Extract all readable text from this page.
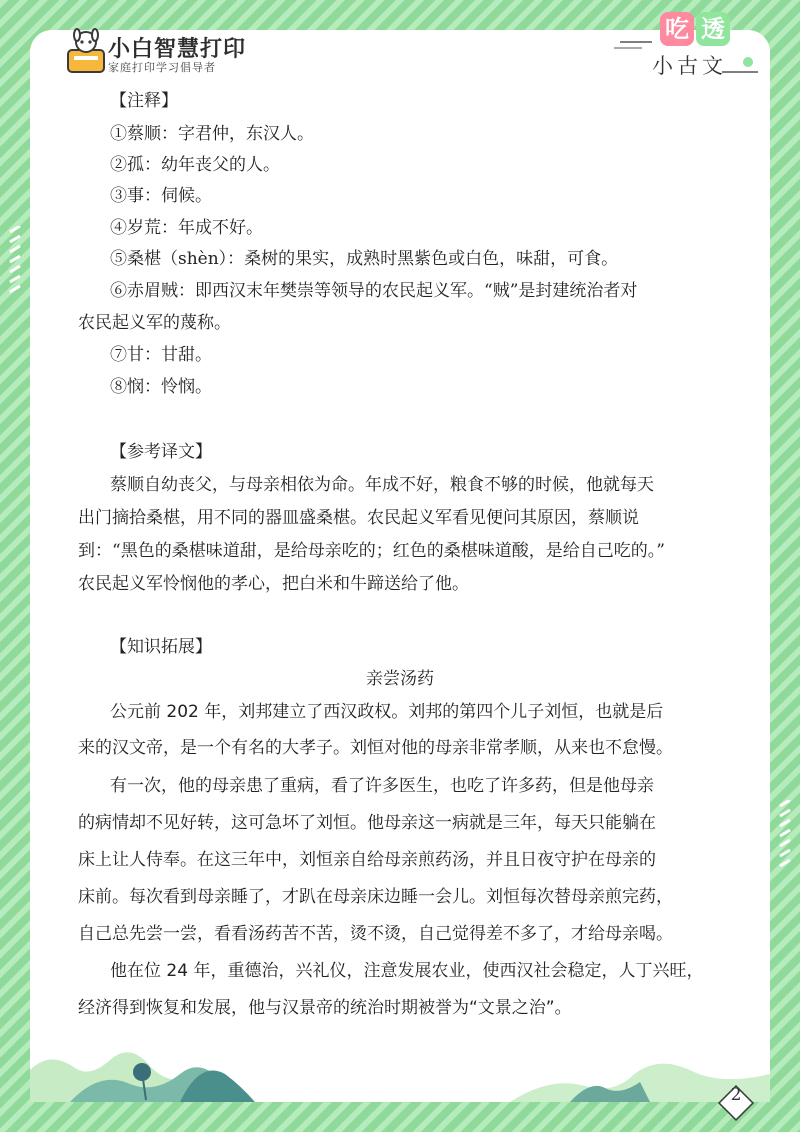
小白智慧打印
家庭打印学习倡导者
吃 透
小古文
【注释】
①蔡顺：字君仲，东汉人。
②孤：幼年丧父的人。
③事：伺候。
④岁荒：年成不好。
⑤桑椹（shèn）：桑树的果实，成熟时黑紫色或白色，味甜，可食。
⑥赤眉贼：即西汉末年樊崇等领导的农民起义军。“贼”是封建统治者对
农民起义军的蔑称。
⑦甘：甘甜。
⑧悯：怜悯。
【参考译文】
蔡顺自幼丧父，与母亲相依为命。年成不好，粮食不够的时候，他就每天
出门摘拾桑椹，用不同的器皿盛桑椹。农民起义军看见便问其原因，蔡顺说
到：“黑色的桑椹味道甜，是给母亲吃的；红色的桑椹味道酸，是给自己吃的。”
农民起义军怜悯他的孝心，把白米和牛蹄送给了他。
【知识拓展】
亲尝汤药
公元前 202 年，刘邦建立了西汉政权。刘邦的第四个儿子刘恒，也就是后
来的汉文帝，是一个有名的大孝子。刘恒对他的母亲非常孝顺，从来也不怠慢。
有一次，他的母亲患了重病，看了许多医生，也吃了许多药，但是他母亲
的病情却不见好转，这可急坏了刘恒。他母亲这一病就是三年，每天只能躺在
床上让人侍奉。在这三年中，刘恒亲自给母亲煎药汤，并且日夜守护在母亲的
床前。每次看到母亲睡了，才趴在母亲床边睡一会儿。刘恒每次替母亲煎完药，
自己总先尝一尝，看看汤药苦不苦，烫不烫，自己觉得差不多了，才给母亲喝。
他在位 24 年，重德治，兴礼仪，注意发展农业，使西汉社会稳定，人丁兴旺，
经济得到恢复和发展，他与汉景帝的统治时期被誉为“文景之治”。
2
